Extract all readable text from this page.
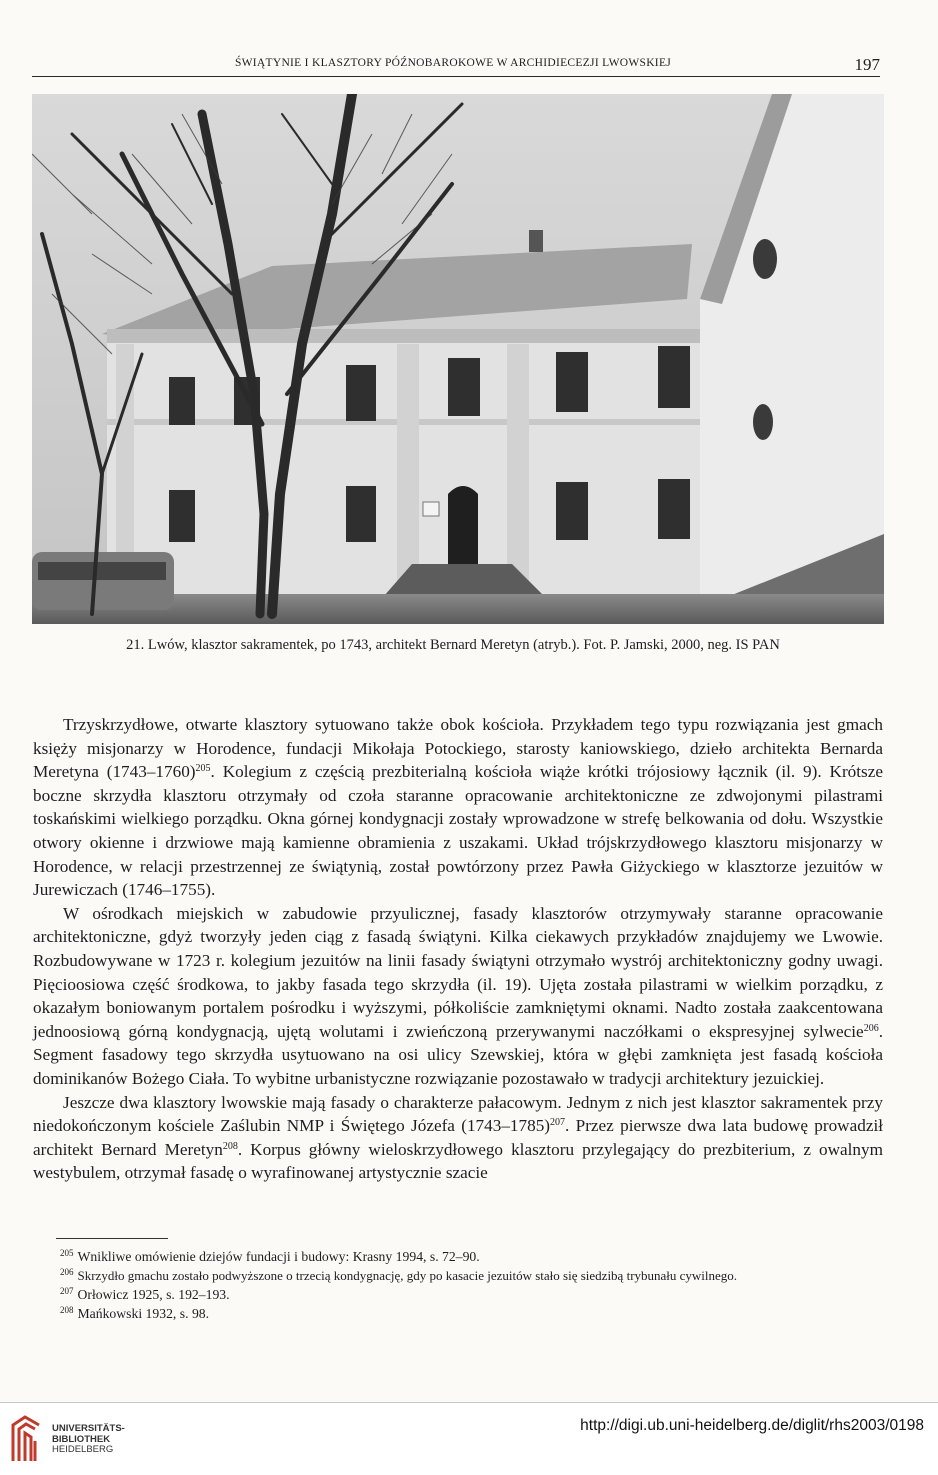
ŚWIĄTYNIE I KLASZTORY PÓŹNOBAROKOWE W ARCHIDIECEZJI LWOWSKIEJ	197
21. Lwów, klasztor sakramentek, po 1743, architekt Bernard Meretyn (atryb.). Fot. P. Jamski, 2000, neg. IS PAN

Trzyskrzydłowe, otwarte klasztory sytuowano także obok kościoła. Przykładem tego typu rozwiązania jest gmach księży misjonarzy w Horodence, fundacji Mikołaja Potockiego, starosty kaniowskiego, dzieło architekta Bernarda Meretyna (1743–1760)$^{205}$. Kolegium z częścią prezbiterialną kościoła wiąże krótki trójosiowy łącznik (il. 9). Krótsze boczne skrzydła klasztoru otrzymały od czoła staranne opracowanie architektoniczne ze zdwojonymi pilastrami toskańskimi wielkiego porządku. Okna górnej kondygnacji zostały wprowadzone w strefę belkowania od dołu. Wszystkie otwory okienne i drzwiowe mają kamienne obramienia z uszakami. Układ trójskrzydłowego klasztoru misjonarzy w Horodence, w relacji przestrzennej ze świątynią, został powtórzony przez Pawła Giżyckiego w klasztorze jezuitów w Jurewiczach (1746–1755).

W ośrodkach miejskich w zabudowie przyulicznej, fasady klasztorów otrzymywały staranne opracowanie architektoniczne, gdyż tworzyły jeden ciąg z fasadą świątyni. Kilka ciekawych przykładów znajdujemy we Lwowie. Rozbudowywane w 1723 r. kolegium jezuitów na linii fasady świątyni otrzymało wystrój architektoniczny godny uwagi. Pięcioosiowa część środkowa, to jakby fasada tego skrzydła (il. 19). Ujęta została pilastrami w wielkim porządku, z okazałym boniowanym portalem pośrodku i wyższymi, półkoliście zamkniętymi oknami. Nadto została zaakcentowana jednoosiową górną kondygnacją, ujętą wolutami i zwieńczoną przerywanymi naczółkami o ekspresyjnej sylwecie$^{206}$. Segment fasadowy tego skrzydła usytuowano na osi ulicy Szewskiej, która w głębi zamknięta jest fasadą kościoła dominikanów Bożego Ciała. To wybitne urbanistyczne rozwiązanie pozostawało w tradycji architektury jezuickiej.

Jeszcze dwa klasztory lwowskie mają fasady o charakterze pałacowym. Jednym z nich jest klasztor sakramentek przy niedokończonym kościele Zaślubin NMP i Świętego Józefa (1743–1785)$^{207}$. Przez pierwsze dwa lata budowę prowadził architekt Bernard Meretyn$^{208}$. Korpus główny wieloskrzydłowego klasztoru przylegający do prezbiterium, z owalnym westybulem, otrzymał fasadę o wyrafinowanej artystycznie szacie

$^{205}$ Wnikliwe omówienie dziejów fundacji i budowy: Krasny 1994, s. 72–90.
$^{206}$ Skrzydło gmachu zostało podwyższone o trzecią kondygnację, gdy po kasacie jezuitów stało się siedzibą trybunału cywilnego.
$^{207}$ Orłowicz 1925, s. 192–193.
$^{208}$ Mańkowski 1932, s. 98.
UNIVERSITÄTS-
BIBLIOTHEK
HEIDELBERG
http://digi.ub.uni-heidelberg.de/diglit/rhs2003/0198
